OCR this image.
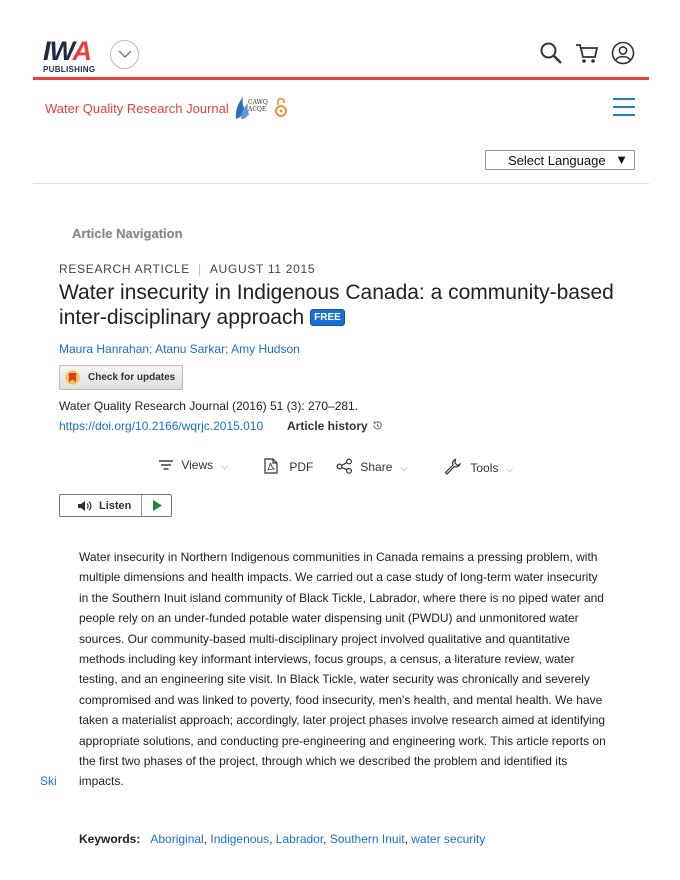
IWA
PUBLISHING
Water Quality Research Journal	CAWQ ACQE
Select Language ▼
Article Navigation
RESEARCH ARTICLE | AUGUST 11 2015
Water insecurity in Indigenous Canada: a community-based inter-disciplinary approach FREE
Maura Hanrahan; Atanu Sarkar; Amy Hudson
Check for updates
Water Quality Research Journal (2016) 51 (3): 270–281.
https://doi.org/10.2166/wqrjc.2015.010 Article history
Views ⌵	PDF	Share ⌵	Tools ⌵
Listen
Water insecurity in Northern Indigenous communities in Canada remains a pressing problem, with multiple dimensions and health impacts. We carried out a case study of long-term water insecurity in the Southern Inuit island community of Black Tickle, Labrador, where there is no piped water and people rely on an under-funded potable water dispensing unit (PWDU) and unmonitored water sources. Our community-based multi-disciplinary project involved qualitative and quantitative methods including key informant interviews, focus groups, a census, a literature review, water testing, and an engineering site visit. In Black Tickle, water security was chronically and severely compromised and was linked to poverty, food insecurity, men's health, and mental health. We have taken a materialist approach; accordingly, later project phases involve research aimed at identifying appropriate solutions, and conducting pre-engineering and engineering work. This article reports on the first two phases of the project, through which we described the problem and identified its impacts.
Ski
Keywords: Aboriginal, Indigenous, Labrador, Southern Inuit, water security
